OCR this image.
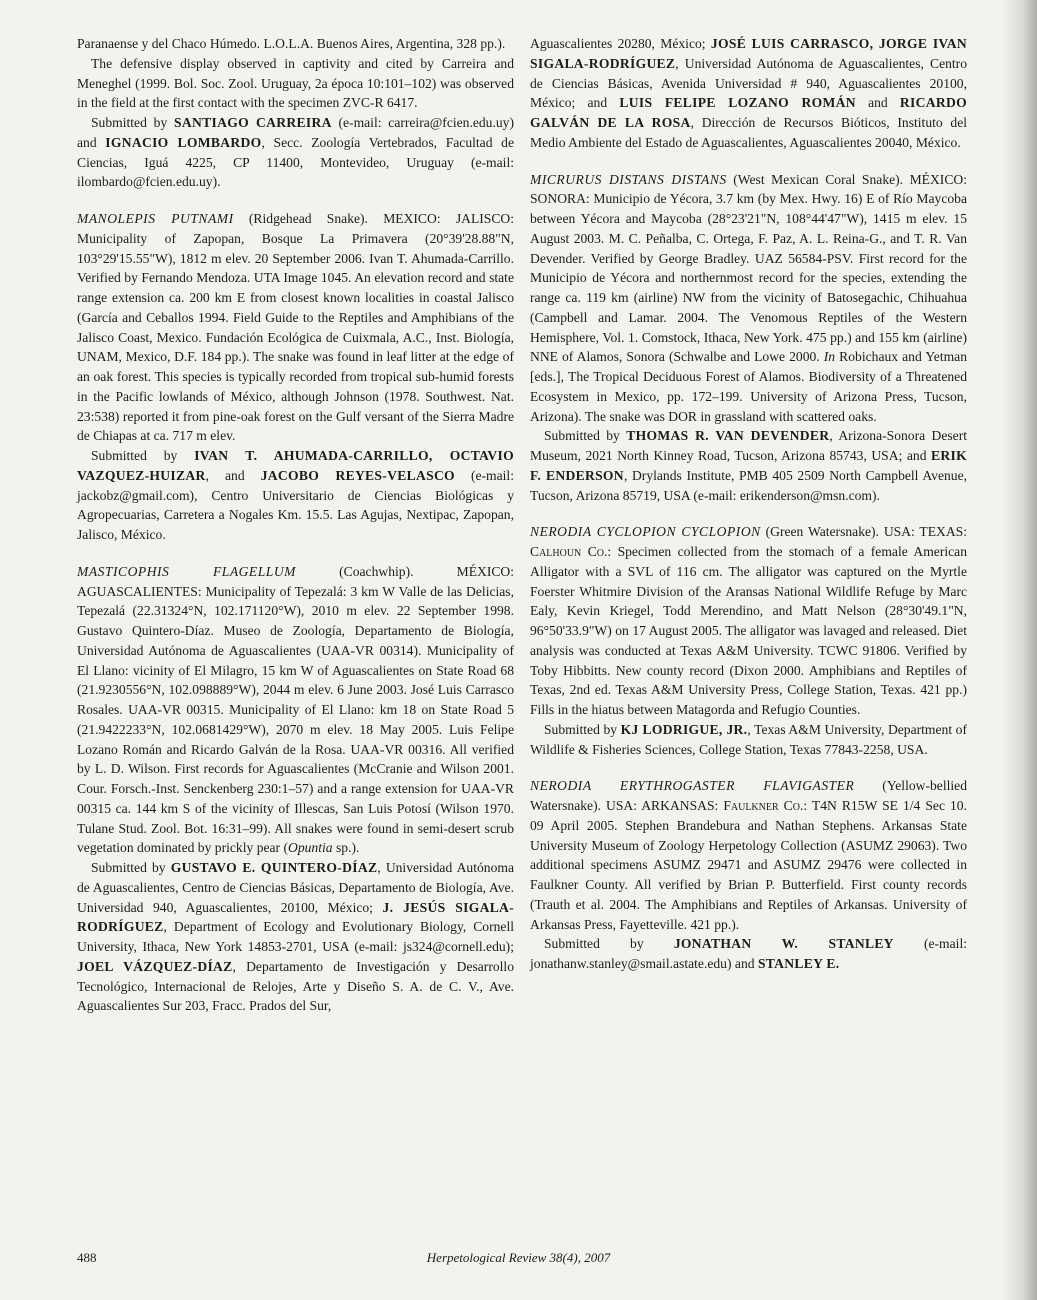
Paranaense y del Chaco Húmedo. L.O.L.A. Buenos Aires, Argentina, 328 pp.).

The defensive display observed in captivity and cited by Carreira and Meneghel (1999. Bol. Soc. Zool. Uruguay, 2a época 10:101–102) was observed in the field at the first contact with the specimen ZVC-R 6417.

Submitted by SANTIAGO CARREIRA (e-mail: carreira@fcien.edu.uy) and IGNACIO LOMBARDO, Secc. Zoología Vertebrados, Facultad de Ciencias, Iguá 4225, CP 11400, Montevideo, Uruguay (e-mail: ilombardo@fcien.edu.uy).

MANOLEPIS PUTNAMI (Ridgehead Snake). MEXICO: JALISCO: Municipality of Zapopan, Bosque La Primavera (20°39'28.88"N, 103°29'15.55"W), 1812 m elev. 20 September 2006. Ivan T. Ahumada-Carrillo. Verified by Fernando Mendoza. UTA Image 1045. An elevation record and state range extension ca. 200 km E from closest known localities in coastal Jalisco (García and Ceballos 1994. Field Guide to the Reptiles and Amphibians of the Jalisco Coast, Mexico. Fundación Ecológica de Cuixmala, A.C., Inst. Biología, UNAM, Mexico, D.F. 184 pp.). The snake was found in leaf litter at the edge of an oak forest. This species is typically recorded from tropical sub-humid forests in the Pacific lowlands of México, although Johnson (1978. Southwest. Nat. 23:538) reported it from pine-oak forest on the Gulf versant of the Sierra Madre de Chiapas at ca. 717 m elev.

Submitted by IVAN T. AHUMADA-CARRILLO, OCTAVIO VAZQUEZ-HUIZAR, and JACOBO REYES-VELASCO (e-mail: jackobz@gmail.com), Centro Universitario de Ciencias Biológicas y Agropecuarias, Carretera a Nogales Km. 15.5. Las Agujas, Nextipac, Zapopan, Jalisco, México.

MASTICOPHIS FLAGELLUM (Coachwhip). MÉXICO: AGUASCALIENTES: Municipality of Tepezalá: 3 km W Valle de las Delicias, Tepezalá (22.31324°N, 102.171120°W), 2010 m elev. 22 September 1998. Gustavo Quintero-Díaz. Museo de Zoología, Departamento de Biología, Universidad Autónoma de Aguascalientes (UAA-VR 00314). Municipality of El Llano: vicinity of El Milagro, 15 km W of Aguascalientes on State Road 68 (21.9230556°N, 102.098889°W), 2044 m elev. 6 June 2003. José Luis Carrasco Rosales. UAA-VR 00315. Municipality of El Llano: km 18 on State Road 5 (21.9422233°N, 102.0681429°W), 2070 m elev. 18 May 2005. Luis Felipe Lozano Román and Ricardo Galván de la Rosa. UAA-VR 00316. All verified by L. D. Wilson. First records for Aguascalientes (McCranie and Wilson 2001. Cour. Forsch.-Inst. Senckenberg 230:1–57) and a range extension for UAA-VR 00315 ca. 144 km S of the vicinity of Illescas, San Luis Potosí (Wilson 1970. Tulane Stud. Zool. Bot. 16:31–99). All snakes were found in semi-desert scrub vegetation dominated by prickly pear (Opuntia sp.).

Submitted by GUSTAVO E. QUINTERO-DÍAZ, Universidad Autónoma de Aguascalientes, Centro de Ciencias Básicas, Departamento de Biología, Ave. Universidad 940, Aguascalientes, 20100, México; J. JESÚS SIGALA-RODRÍGUEZ, Department of Ecology and Evolutionary Biology, Cornell University, Ithaca, New York 14853-2701, USA (e-mail: js324@cornell.edu); JOEL VÁZQUEZ-DÍAZ, Departamento de Investigación y Desarrollo Tecnológico, Internacional de Relojes, Arte y Diseño S. A. de C. V., Ave. Aguascalientes Sur 203, Fracc. Prados del Sur,

Aguascalientes 20280, México; JOSÉ LUIS CARRASCO, JORGE IVAN SIGALA-RODRÍGUEZ, Universidad Autónoma de Aguascalientes, Centro de Ciencias Básicas, Avenida Universidad # 940, Aguascalientes 20100, México; and LUIS FELIPE LOZANO ROMÁN and RICARDO GALVÁN DE LA ROSA, Dirección de Recursos Bióticos, Instituto del Medio Ambiente del Estado de Aguascalientes, Aguascalientes 20040, México.

MICRURUS DISTANS DISTANS (West Mexican Coral Snake). MÉXICO: SONORA: Municipio de Yécora, 3.7 km (by Mex. Hwy. 16) E of Río Maycoba between Yécora and Maycoba (28°23'21"N, 108°44'47"W), 1415 m elev. 15 August 2003. M. C. Peñalba, C. Ortega, F. Paz, A. L. Reina-G., and T. R. Van Devender. Verified by George Bradley. UAZ 56584-PSV. First record for the Municipio de Yécora and northernmost record for the species, extending the range ca. 119 km (airline) NW from the vicinity of Batosegachic, Chihuahua (Campbell and Lamar. 2004. The Venomous Reptiles of the Western Hemisphere, Vol. 1. Comstock, Ithaca, New York. 475 pp.) and 155 km (airline) NNE of Alamos, Sonora (Schwalbe and Lowe 2000. In Robichaux and Yetman [eds.], The Tropical Deciduous Forest of Alamos. Biodiversity of a Threatened Ecosystem in Mexico, pp. 172–199. University of Arizona Press, Tucson, Arizona). The snake was DOR in grassland with scattered oaks.

Submitted by THOMAS R. VAN DEVENDER, Arizona-Sonora Desert Museum, 2021 North Kinney Road, Tucson, Arizona 85743, USA; and ERIK F. ENDERSON, Drylands Institute, PMB 405 2509 North Campbell Avenue, Tucson, Arizona 85719, USA (e-mail: erikenderson@msn.com).

NERODIA CYCLOPION CYCLOPION (Green Watersnake). USA: TEXAS: Calhoun Co.: Specimen collected from the stomach of a female American Alligator with a SVL of 116 cm. The alligator was captured on the Myrtle Foerster Whitmire Division of the Aransas National Wildlife Refuge by Marc Ealy, Kevin Kriegel, Todd Merendino, and Matt Nelson (28°30'49.1"N, 96°50'33.9"W) on 17 August 2005. The alligator was lavaged and released. Diet analysis was conducted at Texas A&M University. TCWC 91806. Verified by Toby Hibbitts. New county record (Dixon 2000. Amphibians and Reptiles of Texas, 2nd ed. Texas A&M University Press, College Station, Texas. 421 pp.) Fills in the hiatus between Matagorda and Refugio Counties.

Submitted by KJ LODRIGUE, JR., Texas A&M University, Department of Wildlife & Fisheries Sciences, College Station, Texas 77843-2258, USA.

NERODIA ERYTHROGASTER FLAVIGASTER (Yellow-bellied Watersnake). USA: ARKANSAS: Faulkner Co.: T4N R15W SE 1/4 Sec 10. 09 April 2005. Stephen Brandebura and Nathan Stephens. Arkansas State University Museum of Zoology Herpetology Collection (ASUMZ 29063). Two additional specimens ASUMZ 29471 and ASUMZ 29476 were collected in Faulkner County. All verified by Brian P. Butterfield. First county records (Trauth et al. 2004. The Amphibians and Reptiles of Arkansas. University of Arkansas Press, Fayetteville. 421 pp.).

Submitted by JONATHAN W. STANLEY (e-mail: jonathanw.stanley@smail.astate.edu) and STANLEY E.

488	Herpetological Review 38(4), 2007
